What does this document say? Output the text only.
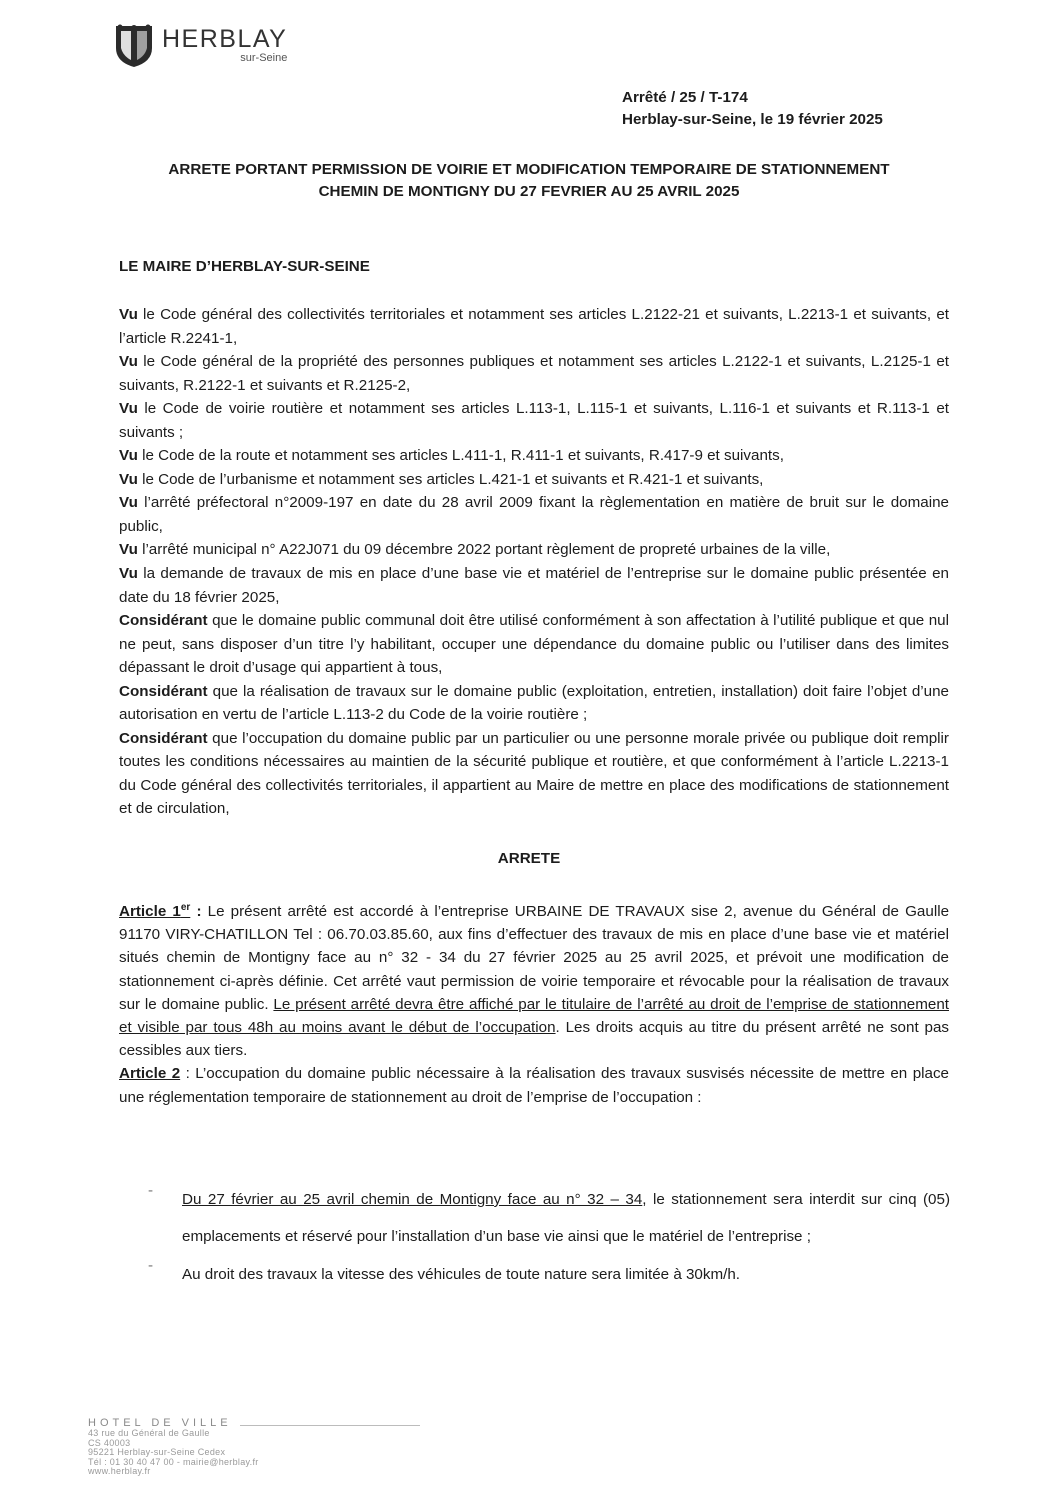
HERBLAY
sur-Seine
Arrêté / 25 / T-174
Herblay-sur-Seine, le 19 février 2025
ARRETE PORTANT PERMISSION DE VOIRIE ET MODIFICATION TEMPORAIRE DE STATIONNEMENT
CHEMIN DE MONTIGNY DU 27 FEVRIER AU 25 AVRIL 2025
LE MAIRE D’HERBLAY-SUR-SEINE

Vu le Code général des collectivités territoriales et notamment ses articles L.2122-21 et suivants, L.2213-1 et suivants, et l’article R.2241-1,

Vu le Code général de la propriété des personnes publiques et notamment ses articles L.2122-1 et suivants, L.2125-1 et suivants, R.2122-1 et suivants et R.2125-2,

Vu le Code de voirie routière et notamment ses articles L.113-1, L.115-1 et suivants, L.116-1 et suivants et R.113-1 et suivants ;

Vu le Code de la route et notamment ses articles L.411-1, R.411-1 et suivants, R.417-9 et suivants,

Vu le Code de l’urbanisme et notamment ses articles L.421-1 et suivants et R.421-1 et suivants,

Vu l’arrêté préfectoral n°2009-197 en date du 28 avril 2009 fixant la règlementation en matière de bruit sur le domaine public,

Vu l’arrêté municipal n° A22J071 du 09 décembre 2022 portant règlement de propreté urbaines de la ville,

Vu la demande de travaux de mis en place d’une base vie et matériel de l’entreprise sur le domaine public présentée en date du 18 février 2025,

Considérant que le domaine public communal doit être utilisé conformément à son affectation à l’utilité publique et que nul ne peut, sans disposer d’un titre l’y habilitant, occuper une dépendance du domaine public ou l’utiliser dans des limites dépassant le droit d’usage qui appartient à tous,

Considérant que la réalisation de travaux sur le domaine public (exploitation, entretien, installation) doit faire l’objet d’une autorisation en vertu de l’article L.113-2 du Code de la voirie routière ;

Considérant que l’occupation du domaine public par un particulier ou une personne morale privée ou publique doit remplir toutes les conditions nécessaires au maintien de la sécurité publique et routière, et que conformément à l’article L.2213-1 du Code général des collectivités territoriales, il appartient au Maire de mettre en place des modifications de stationnement et de circulation,

ARRETE

Article 1er : Le présent arrêté est accordé à l’entreprise URBAINE DE TRAVAUX sise 2, avenue du Général de Gaulle 91170 VIRY-CHATILLON Tel : 06.70.03.85.60, aux fins d’effectuer des travaux de mis en place d’une base vie et matériel situés chemin de Montigny face au n° 32 - 34 du 27 février 2025 au 25 avril 2025, et prévoit une modification de stationnement ci-après définie. Cet arrêté vaut permission de voirie temporaire et révocable pour la réalisation de travaux sur le domaine public. Le présent arrêté devra être affiché par le titulaire de l’arrêté au droit de l’emprise de stationnement et visible par tous 48h au moins avant le début de l’occupation. Les droits acquis au titre du présent arrêté ne sont pas cessibles aux tiers.

Article 2 : L’occupation du domaine public nécessaire à la réalisation des travaux susvisés nécessite de mettre en place une réglementation temporaire de stationnement au droit de l’emprise de l’occupation :

-
Du 27 février au 25 avril chemin de Montigny face au n° 32 – 34, le stationnement sera interdit sur cinq (05) emplacements et réservé pour l’installation d’un base vie ainsi que le matériel de l’entreprise ;
-
Au droit des travaux la vitesse des véhicules de toute nature sera limitée à 30km/h.
HOTEL DE VILLE
43 rue du Général de Gaulle
CS 40003
95221 Herblay-sur-Seine Cedex
Tél : 01 30 40 47 00 - mairie@herblay.fr
www.herblay.fr
